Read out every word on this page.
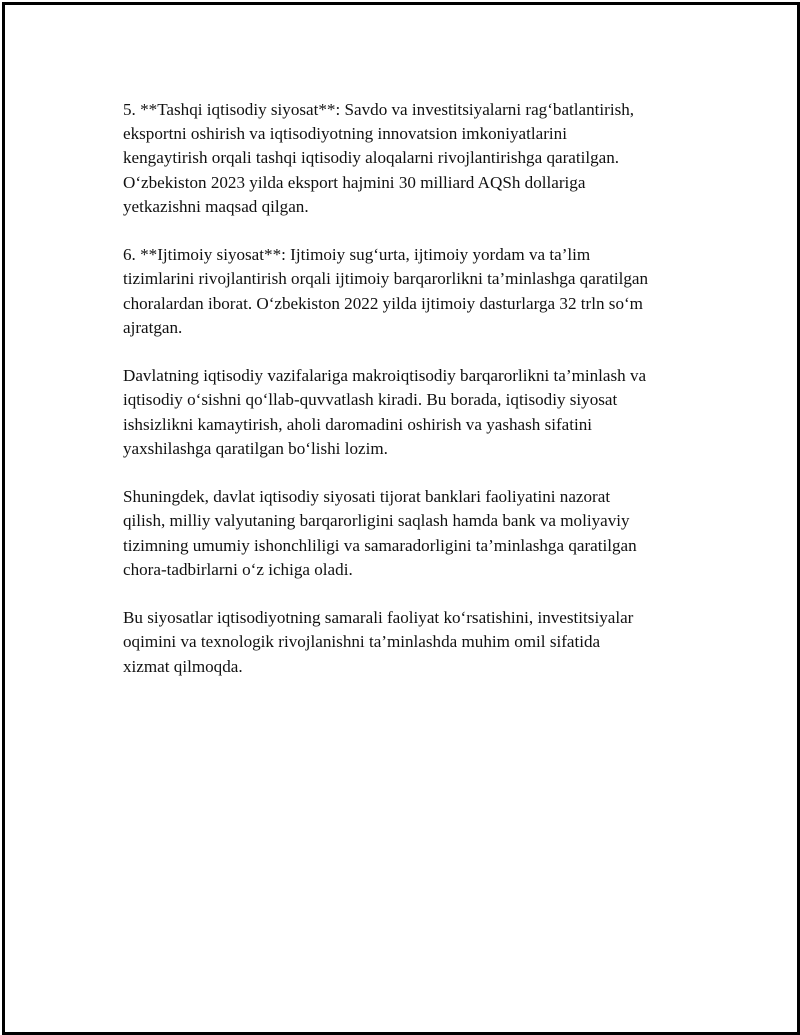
5. **Tashqi iqtisodiy siyosat**: Savdo va investitsiyalarni rag‘batlantirish,
eksportni oshirish va iqtisodiyotning innovatsion imkoniyatlarini
kengaytirish orqali tashqi iqtisodiy aloqalarni rivojlantirishga qaratilgan.
O‘zbekiston 2023 yilda eksport hajmini 30 milliard AQSh dollariga
yetkazishni maqsad qilgan.

6. **Ijtimoiy siyosat**: Ijtimoiy sug‘urta, ijtimoiy yordam va ta’lim
tizimlarini rivojlantirish orqali ijtimoiy barqarorlikni ta’minlashga qaratilgan
choralardan iborat. O‘zbekiston 2022 yilda ijtimoiy dasturlarga 32 trln so‘m
ajratgan.

Davlatning iqtisodiy vazifalariga makroiqtisodiy barqarorlikni ta’minlash va
iqtisodiy o‘sishni qo‘llab-quvvatlash kiradi. Bu borada, iqtisodiy siyosat
ishsizlikni kamaytirish, aholi daromadini oshirish va yashash sifatini
yaxshilashga qaratilgan bo‘lishi lozim.

Shuningdek, davlat iqtisodiy siyosati tijorat banklari faoliyatini nazorat
qilish, milliy valyutaning barqarorligini saqlash hamda bank va moliyaviy
tizimning umumiy ishonchliligi va samaradorligini ta’minlashga qaratilgan
chora-tadbirlarni o‘z ichiga oladi.

Bu siyosatlar iqtisodiyotning samarali faoliyat ko‘rsatishini, investitsiyalar
oqimini va texnologik rivojlanishni ta’minlashda muhim omil sifatida
xizmat qilmoqda.
